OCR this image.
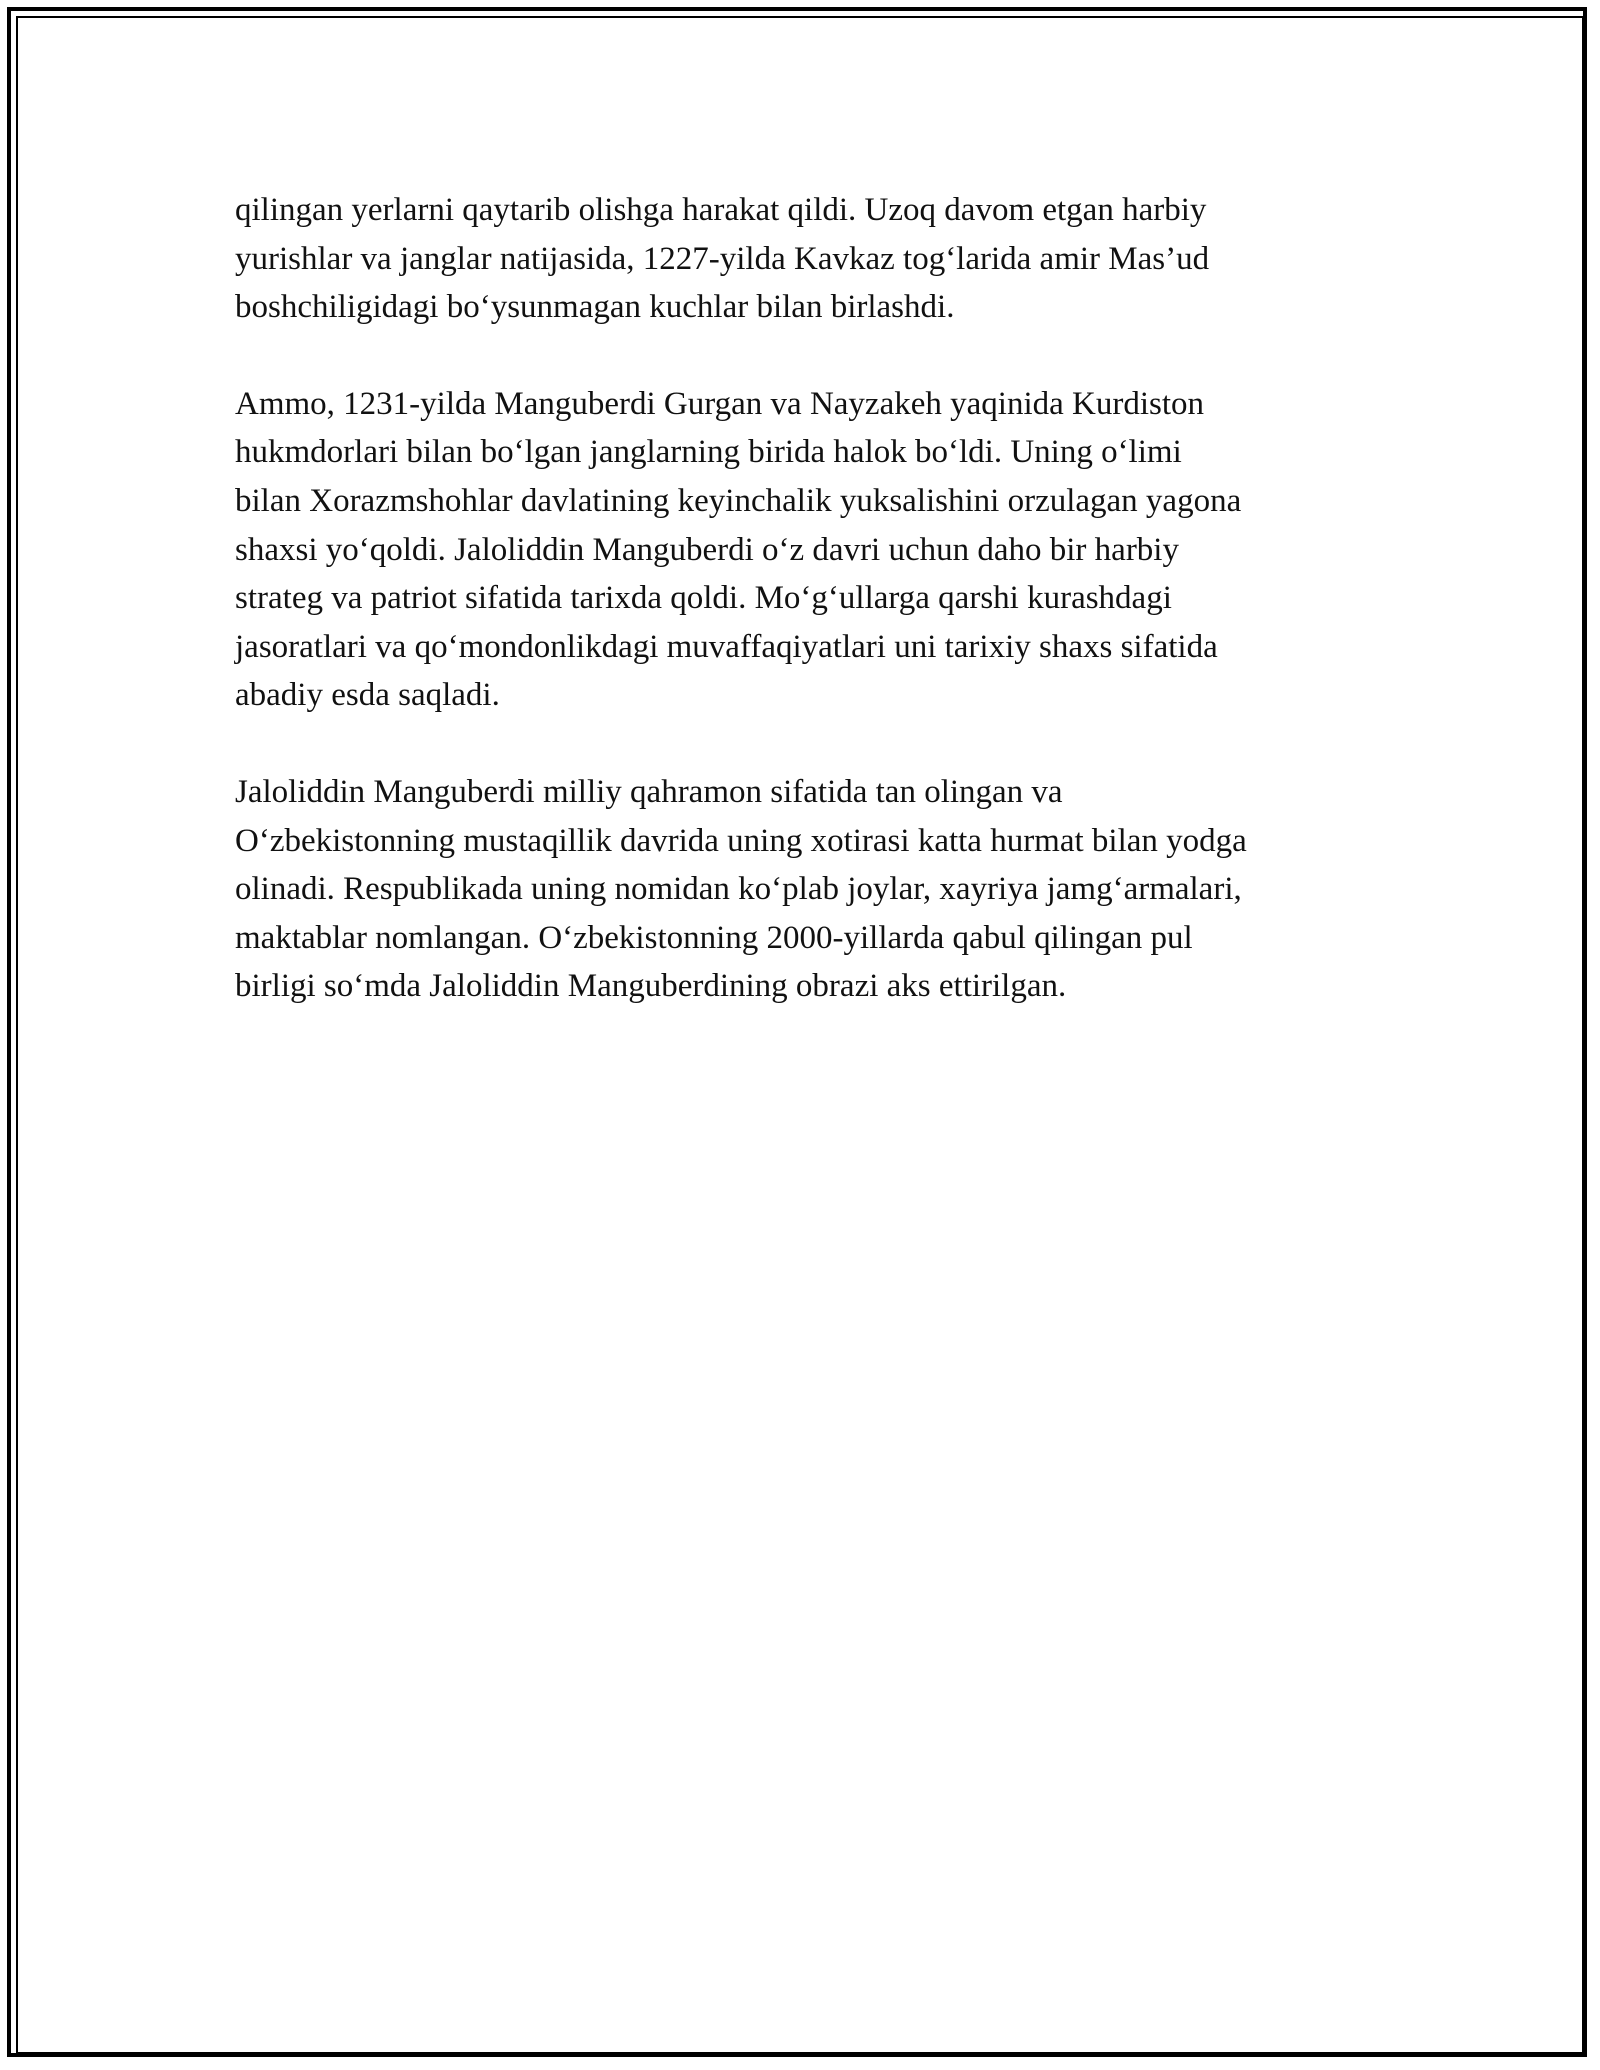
qilingan yerlarni qaytarib olishga harakat qildi. Uzoq davom etgan harbiy
yurishlar va janglar natijasida, 1227-yilda Kavkaz tog‘larida amir Mas’ud
boshchiligidagi bo‘ysunmagan kuchlar bilan birlashdi.

Ammo, 1231-yilda Manguberdi Gurgan va Nayzakeh yaqinida Kurdiston
hukmdorlari bilan bo‘lgan janglarning birida halok bo‘ldi. Uning o‘limi
bilan Xorazmshohlar davlatining keyinchalik yuksalishini orzulagan yagona
shaxsi yo‘qoldi. Jaloliddin Manguberdi o‘z davri uchun daho bir harbiy
strateg va patriot sifatida tarixda qoldi. Mo‘g‘ullarga qarshi kurashdagi
jasoratlari va qo‘mondonlikdagi muvaffaqiyatlari uni tarixiy shaxs sifatida
abadiy esda saqladi.

Jaloliddin Manguberdi milliy qahramon sifatida tan olingan va
O‘zbekistonning mustaqillik davrida uning xotirasi katta hurmat bilan yodga
olinadi. Respublikada uning nomidan ko‘plab joylar, xayriya jamg‘armalari,
maktablar nomlangan. O‘zbekistonning 2000-yillarda qabul qilingan pul
birligi so‘mda Jaloliddin Manguberdining obrazi aks ettirilgan.
